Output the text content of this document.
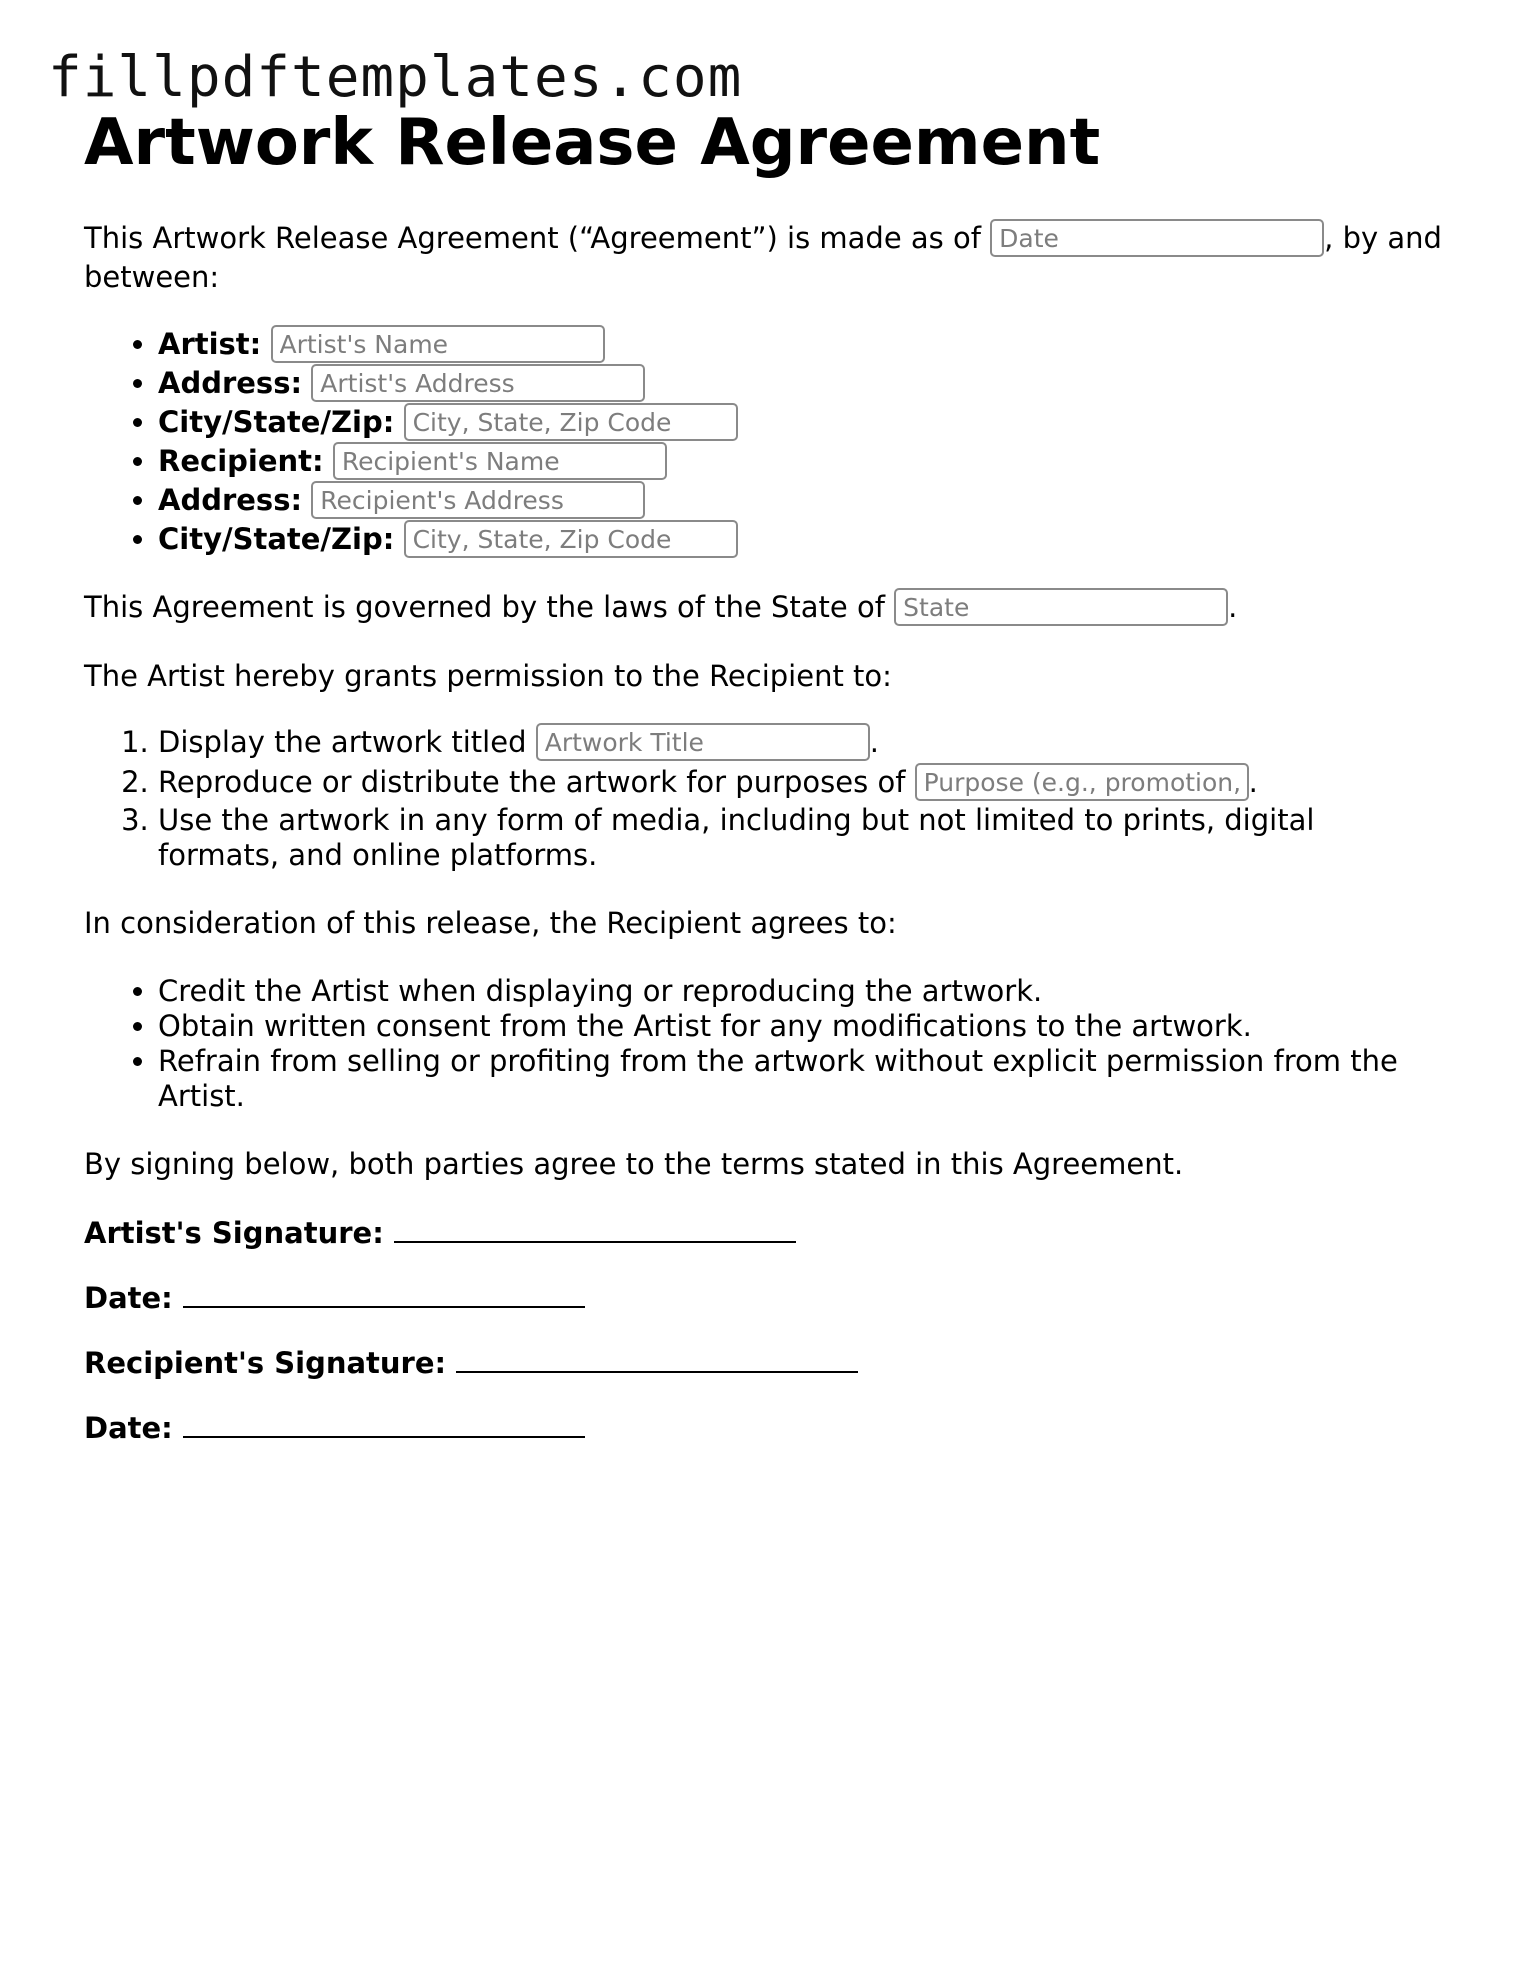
fillpdftemplates.com
Artwork Release Agreement

This Artwork Release Agreement (“Agreement”) is made as of Date	, by and between:

• Artist: Artist's Name
• Address: Artist's Address
• City/State/Zip: City, State, Zip Code
• Recipient: Recipient's Name
• Address: Recipient's Address
• City/State/Zip: City, State, Zip Code

This Agreement is governed by the laws of the State of State	.

The Artist hereby grants permission to the Recipient to:

1. Display the artwork titled Artwork Title	.
2. Reproduce or distribute the artwork for purposes of Purpose (e.g., promotion, sale)	.
3. Use the artwork in any form of media, including but not limited to prints, digital formats, and online platforms.

In consideration of this release, the Recipient agrees to:

• Credit the Artist when displaying or reproducing the artwork.
• Obtain written consent from the Artist for any modifications to the artwork.
• Refrain from selling or profiting from the artwork without explicit permission from the Artist.

By signing below, both parties agree to the terms stated in this Agreement.

Artist's Signature:
Date:
Recipient's Signature:
Date:
